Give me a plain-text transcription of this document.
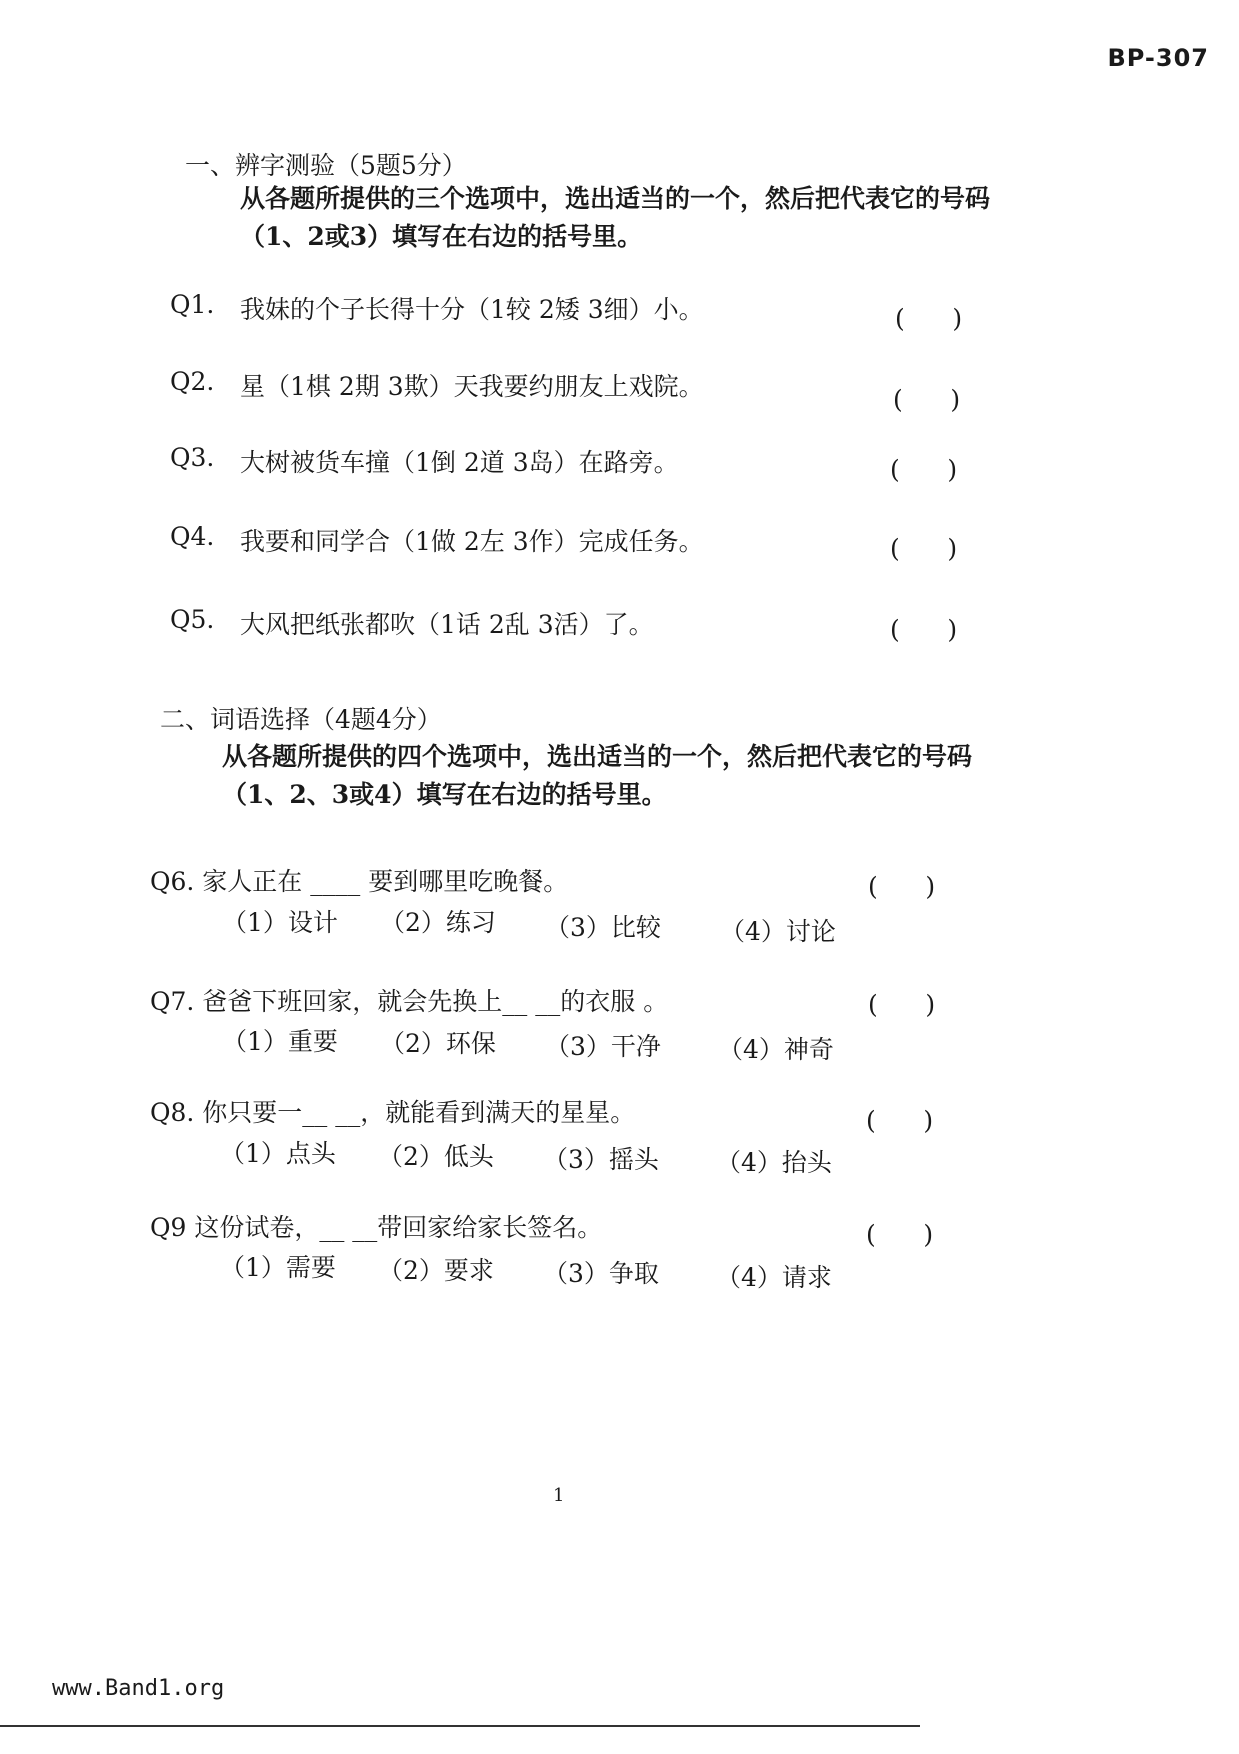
BP-307
一、辨字测验（5题5分）
从各题所提供的三个选项中，选出适当的一个，然后把代表它的号码（1、2或3）填写在右边的括号里。
Q1. 我妹的个子长得十分（1较 2矮 3细）小。	(      )
Q2. 星（1棋 2期 3欺）天我要约朋友上戏院。	(      )
Q3. 大树被货车撞（1倒 2道 3岛）在路旁。	(      )
Q4. 我要和同学合（1做 2左 3作）完成任务。	(      )
Q5. 大风把纸张都吹（1话 2乱 3活）了。	(      )
二、词语选择（4题4分）
从各题所提供的四个选项中，选出适当的一个，然后把代表它的号码（1、2、3或4）填写在右边的括号里。
Q6. 家人正在 ____ 要到哪里吃晚餐。	(      )
（1）设计 （2）练习 （3）比较 （4）讨论
Q7. 爸爸下班回家，就会先换上__ __的衣服 。	(      )
（1）重要 （2）环保 （3）干净 （4）神奇
Q8. 你只要一__ __，就能看到满天的星星。	(      )
（1）点头 （2）低头 （3）摇头 （4）抬头
Q9 这份试卷，__ __带回家给家长签名。	(      )
（1）需要 （2）要求 （3）争取 （4）请求
1
www.Band1.org
